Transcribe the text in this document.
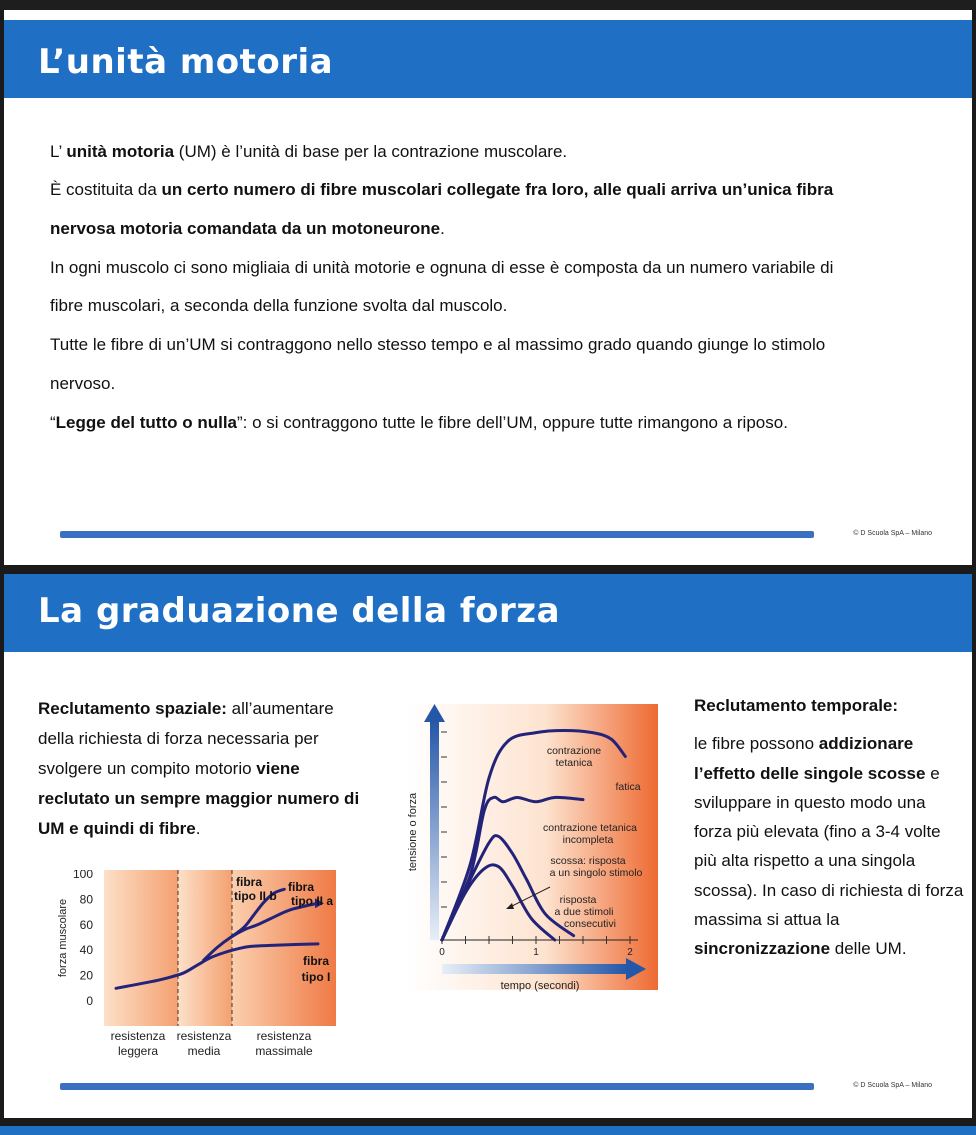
L’unità motoria
L’ unità motoria (UM) è l’unità di base per la contrazione muscolare.
È costituita da un certo numero di fibre muscolari collegate fra loro, alle quali arriva un’unica fibra
nervosa motoria comandata da un motoneurone.
In ogni muscolo ci sono migliaia di unità motorie e ognuna di esse è composta da un numero variabile di
fibre muscolari, a seconda della funzione svolta dal muscolo.
Tutte le fibre di un’UM si contraggono nello stesso tempo e al massimo grado quando giunge lo stimolo
nervoso.
“Legge del tutto o nulla”: o si contraggono tutte le fibre dell’UM, oppure tutte rimangono a riposo.
© D Scuola SpA – Milano
La graduazione della forza
Reclutamento spaziale: all’aumentare della richiesta di forza necessaria per svolgere un compito motorio viene reclutato un sempre maggior numero di UM e quindi di fibre.
Reclutamento temporale:
le fibre possono addizionare l’effetto delle singole scosse e sviluppare in questo modo una forza più elevata (fino a 3-4 volte più alta rispetto a una singola scossa). In caso di richiesta di forza massima si attua la sincronizzazione delle UM.
0
20
40
60
80
100
forza muscolare
fibra
tipo II b
fibra
tipo II a
fibra
tipo I
resistenza
leggera
resistenza
media
resistenza
massimale
0	1	2
tensione o forza
tempo (secondi)
contrazione
tetanica
fatica
contrazione tetanica
incompleta
scossa: risposta
a un singolo stimolo
risposta
a due stimoli
consecutivi
© D Scuola SpA – Milano
